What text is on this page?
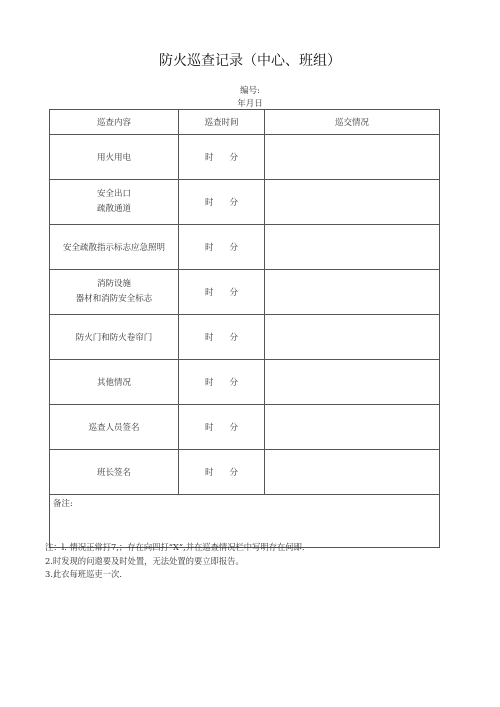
防火巡查记录（中心、班组）
编号:
年月日
巡查内容	巡查时间	巡交情况
用火用电	时 分	

安全出口
疏散通道	时 分	
安全疏散指示标志应急照明	时 分	

消防设施
器材和消防安全标志	时 分	
防火门和防火卷帘门	时 分	
其他情况	时 分	
巡查人员签名	时 分	
班长签名	时 分	
备注:		
注：l. 情况正常打7,；存在向四打“X”,并在巡查情况栏中写明存在何即.
2.时发现的问遨要及时处置，无法处置的要立即报告。
3.此衣每班巡吏一次.
